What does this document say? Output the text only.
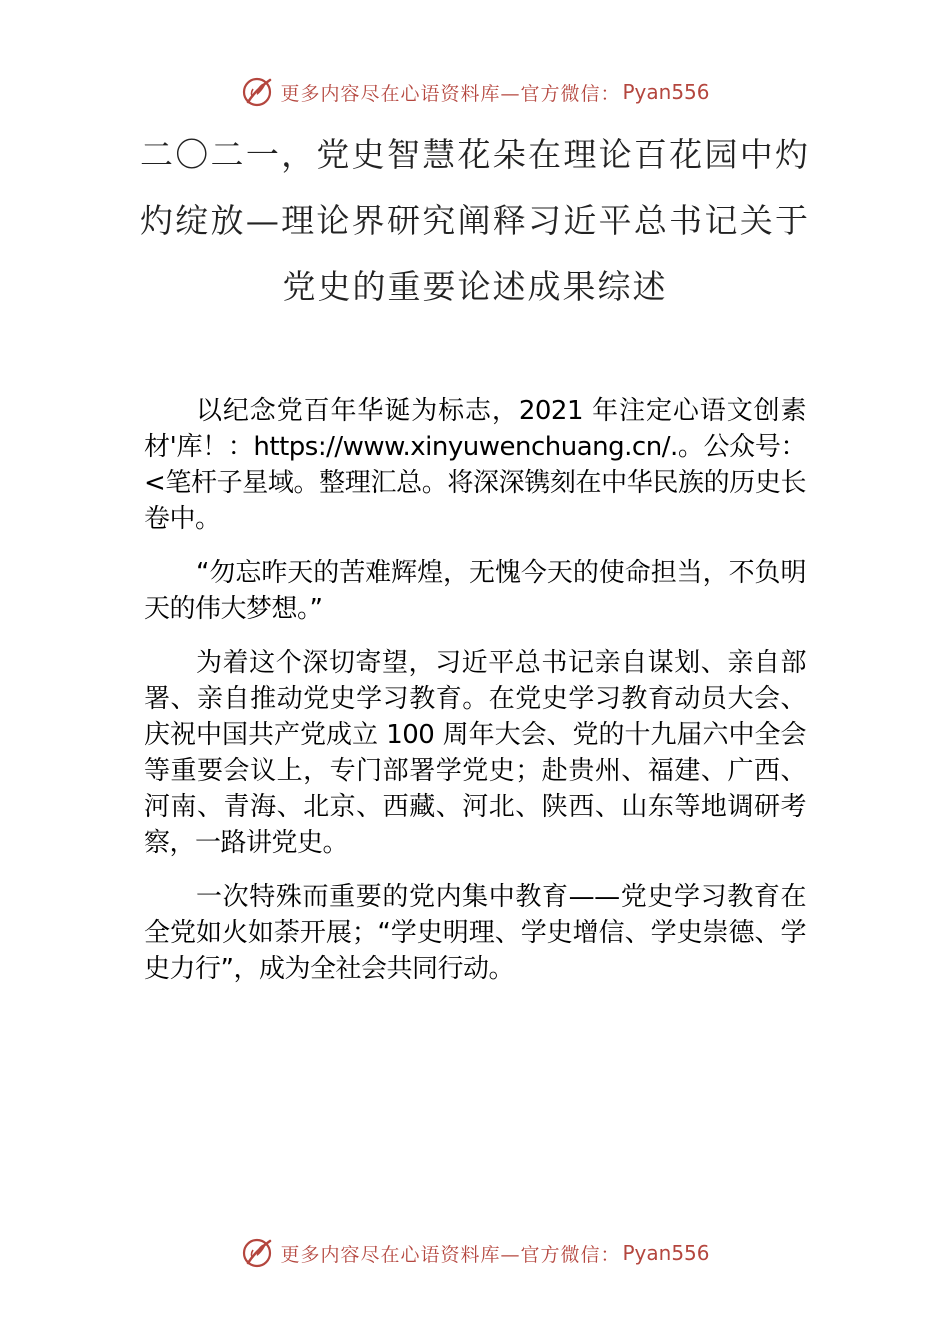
更多内容尽在心语资料库—官方微信： Pyan556
二〇二一，党史智慧花朵在理论百花园中灼灼绽放—理论界研究阐释习近平总书记关于党史的重要论述成果综述

以纪念党百年华诞为标志，2021 年注定心语文创素材'库！：https://www.xinyuwenchuang.cn/.。公众号：<笔杆子星域。整理汇总。将深深镌刻在中华民族的历史长卷中。

“勿忘昨天的苦难辉煌，无愧今天的使命担当，不负明天的伟大梦想。”

为着这个深切寄望，习近平总书记亲自谋划、亲自部署、亲自推动党史学习教育。在党史学习教育动员大会、庆祝中国共产党成立 100 周年大会、党的十九届六中全会等重要会议上，专门部署学党史；赴贵州、福建、广西、河南、青海、北京、西藏、河北、陕西、山东等地调研考察，一路讲党史。

一次特殊而重要的党内集中教育——党史学习教育在全党如火如荼开展；“学史明理、学史增信、学史崇德、学史力行”，成为全社会共同行动。

更多内容尽在心语资料库—官方微信： Pyan556
